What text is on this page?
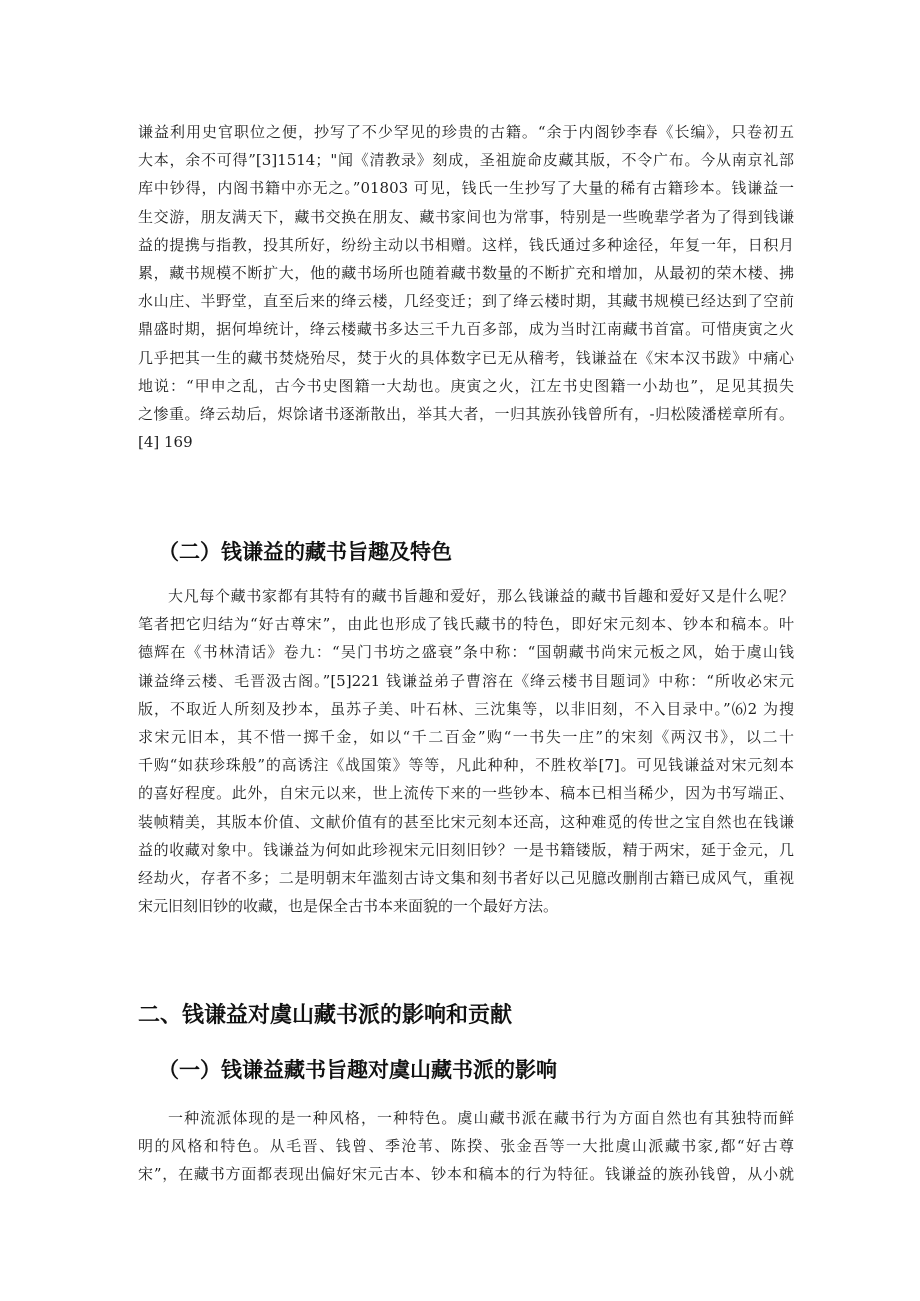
谦益利用史官职位之便，抄写了不少罕见的珍贵的古籍。“余于内阁钞李春《长编》，只卷初五

大本，余不可得”[3]1514；"闻《清教录》刻成，圣祖旋命皮藏其版，不令广布。今从南京礼部

库中钞得，内阁书籍中亦无之。”01803 可见，钱氏一生抄写了大量的稀有古籍珍本。钱谦益一

生交游，朋友满天下，藏书交换在朋友、藏书家间也为常事，特别是一些晚辈学者为了得到钱谦

益的提携与指教，投其所好，纷纷主动以书相赠。这样，钱氏通过多种途径，年复一年，日积月

累，藏书规模不断扩大，他的藏书场所也随着藏书数量的不断扩充和增加，从最初的荣木楼、拂

水山庄、半野堂，直至后来的绛云楼，几经变迁；到了绛云楼时期，其藏书规模已经达到了空前

鼎盛时期，据何埠统计，绛云楼藏书多达三千九百多部，成为当时江南藏书首富。可惜庚寅之火

几乎把其一生的藏书焚烧殆尽，焚于火的具体数字已无从稽考，钱谦益在《宋本汉书跋》中痛心

地说：“甲申之乱，古今书史图籍一大劫也。庚寅之火，江左书史图籍一小劫也”，足见其损失

之惨重。绛云劫后，烬馀诸书逐渐散出，举其大者，一归其族孙钱曾所有，-归松陵潘槎章所有。

[4] 169

（二）钱谦益的藏书旨趣及特色

大凡每个藏书家都有其特有的藏书旨趣和爱好，那么钱谦益的藏书旨趣和爱好又是什么呢？

笔者把它归结为“好古尊宋”，由此也形成了钱氏藏书的特色，即好宋元刻本、钞本和稿本。叶

德辉在《书林清话》卷九：“吴门书坊之盛衰”条中称：“国朝藏书尚宋元板之风，始于虞山钱

谦益绛云楼、毛晋汲古阁。”[5]221 钱谦益弟子曹溶在《绛云楼书目题词》中称：“所收必宋元

版，不取近人所刻及抄本，虽苏子美、叶石林、三沈集等，以非旧刻，不入目录中。”⑹2 为搜

求宋元旧本，其不惜一掷千金，如以“千二百金”购“一书失一庄”的宋刻《两汉书》，以二十

千购“如获珍珠般”的高诱注《战国策》等等，凡此种种，不胜枚举[7]。可见钱谦益对宋元刻本

的喜好程度。此外，自宋元以来，世上流传下来的一些钞本、稿本已相当稀少，因为书写端正、

装帧精美，其版本价值、文献价值有的甚至比宋元刻本还高，这种难觅的传世之宝自然也在钱谦

益的收藏对象中。钱谦益为何如此珍视宋元旧刻旧钞？一是书籍镂版，精于两宋，延于金元，几

经劫火，存者不多；二是明朝末年滥刻古诗文集和刻书者好以己见臆改删削古籍已成风气，重视

宋元旧刻旧钞的收藏，也是保全古书本来面貌的一个最好方法。

二、钱谦益对虞山藏书派的影响和贡献
（一）钱谦益藏书旨趣对虞山藏书派的影响

一种流派体现的是一种风格，一种特色。虞山藏书派在藏书行为方面自然也有其独特而鲜

明的风格和特色。从毛晋、钱曾、季沧苇、陈揆、张金吾等一大批虞山派藏书家,都“好古尊

宋”，在藏书方面都表现出偏好宋元古本、钞本和稿本的行为特征。钱谦益的族孙钱曾，从小就
